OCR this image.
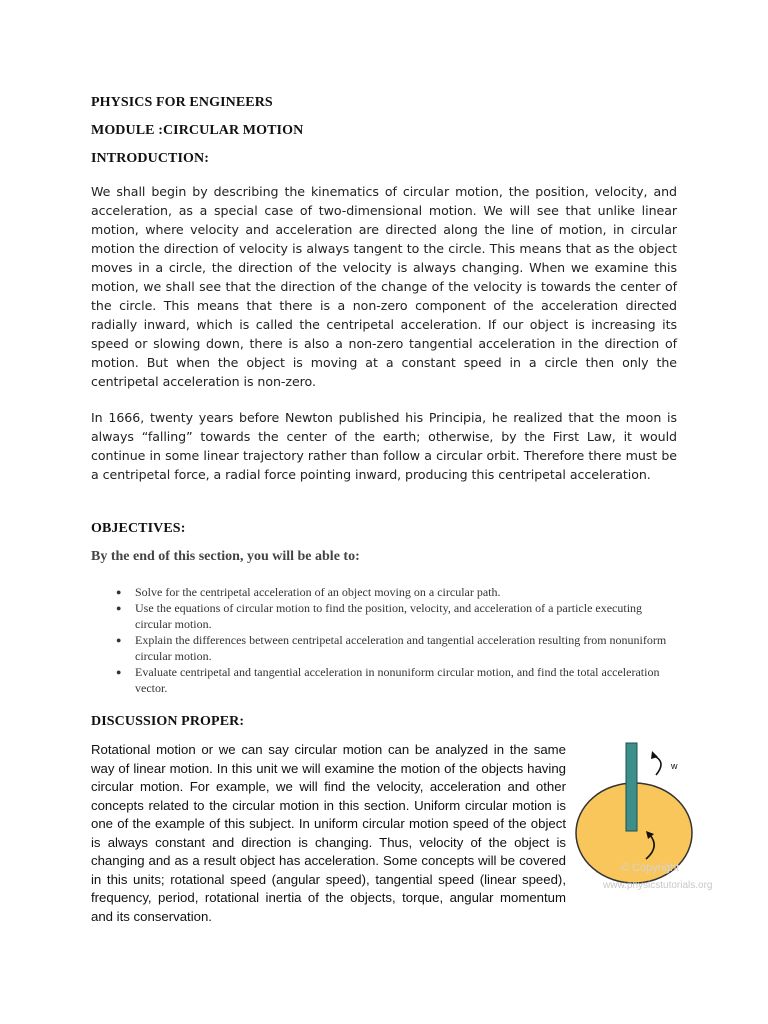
PHYSICS FOR ENGINEERS
MODULE :CIRCULAR MOTION
INTRODUCTION:
We shall begin by describing the kinematics of circular motion, the position, velocity, and acceleration, as a special case of two-dimensional motion. We will see that unlike linear motion, where velocity and acceleration are directed along the line of motion, in circular motion the direction of velocity is always tangent to the circle. This means that as the object moves in a circle, the direction of the velocity is always changing. When we examine this motion, we shall see that the direction of the change of the velocity is towards the center of the circle. This means that there is a non-zero component of the acceleration directed radially inward, which is called the centripetal acceleration. If our object is increasing its speed or slowing down, there is also a non-zero tangential acceleration in the direction of motion. But when the object is moving at a constant speed in a circle then only the centripetal acceleration is non-zero.
In 1666, twenty years before Newton published his Principia, he realized that the moon is always “falling” towards the center of the earth; otherwise, by the First Law, it would continue in some linear trajectory rather than follow a circular orbit. Therefore there must be a centripetal force, a radial force pointing inward, producing this centripetal acceleration.
OBJECTIVES:
By the end of this section, you will be able to:
● Solve for the centripetal acceleration of an object moving on a circular path.
● Use the equations of circular motion to find the position, velocity, and acceleration of a particle executing circular motion.
● Explain the differences between centripetal acceleration and tangential acceleration resulting from nonuniform circular motion.
● Evaluate centripetal and tangential acceleration in nonuniform circular motion, and find the total acceleration vector.
DISCUSSION PROPER:
Rotational motion or we can say circular motion can be analyzed in the same way of linear motion. In this unit we will examine the motion of the objects having circular motion. For example, we will find the velocity, acceleration and other concepts related to the circular motion in this section. Uniform circular motion is one of the example of this subject. In uniform circular motion speed of the object is always constant and direction is changing. Thus, velocity of the object is changing and as a result object has acceleration. Some concepts will be covered in this units; rotational speed (angular speed), tangential speed (linear speed), frequency, period, rotational inertia of the objects, torque, angular momentum and its conservation.
w
© Copyright
www.physicstutorials.org
